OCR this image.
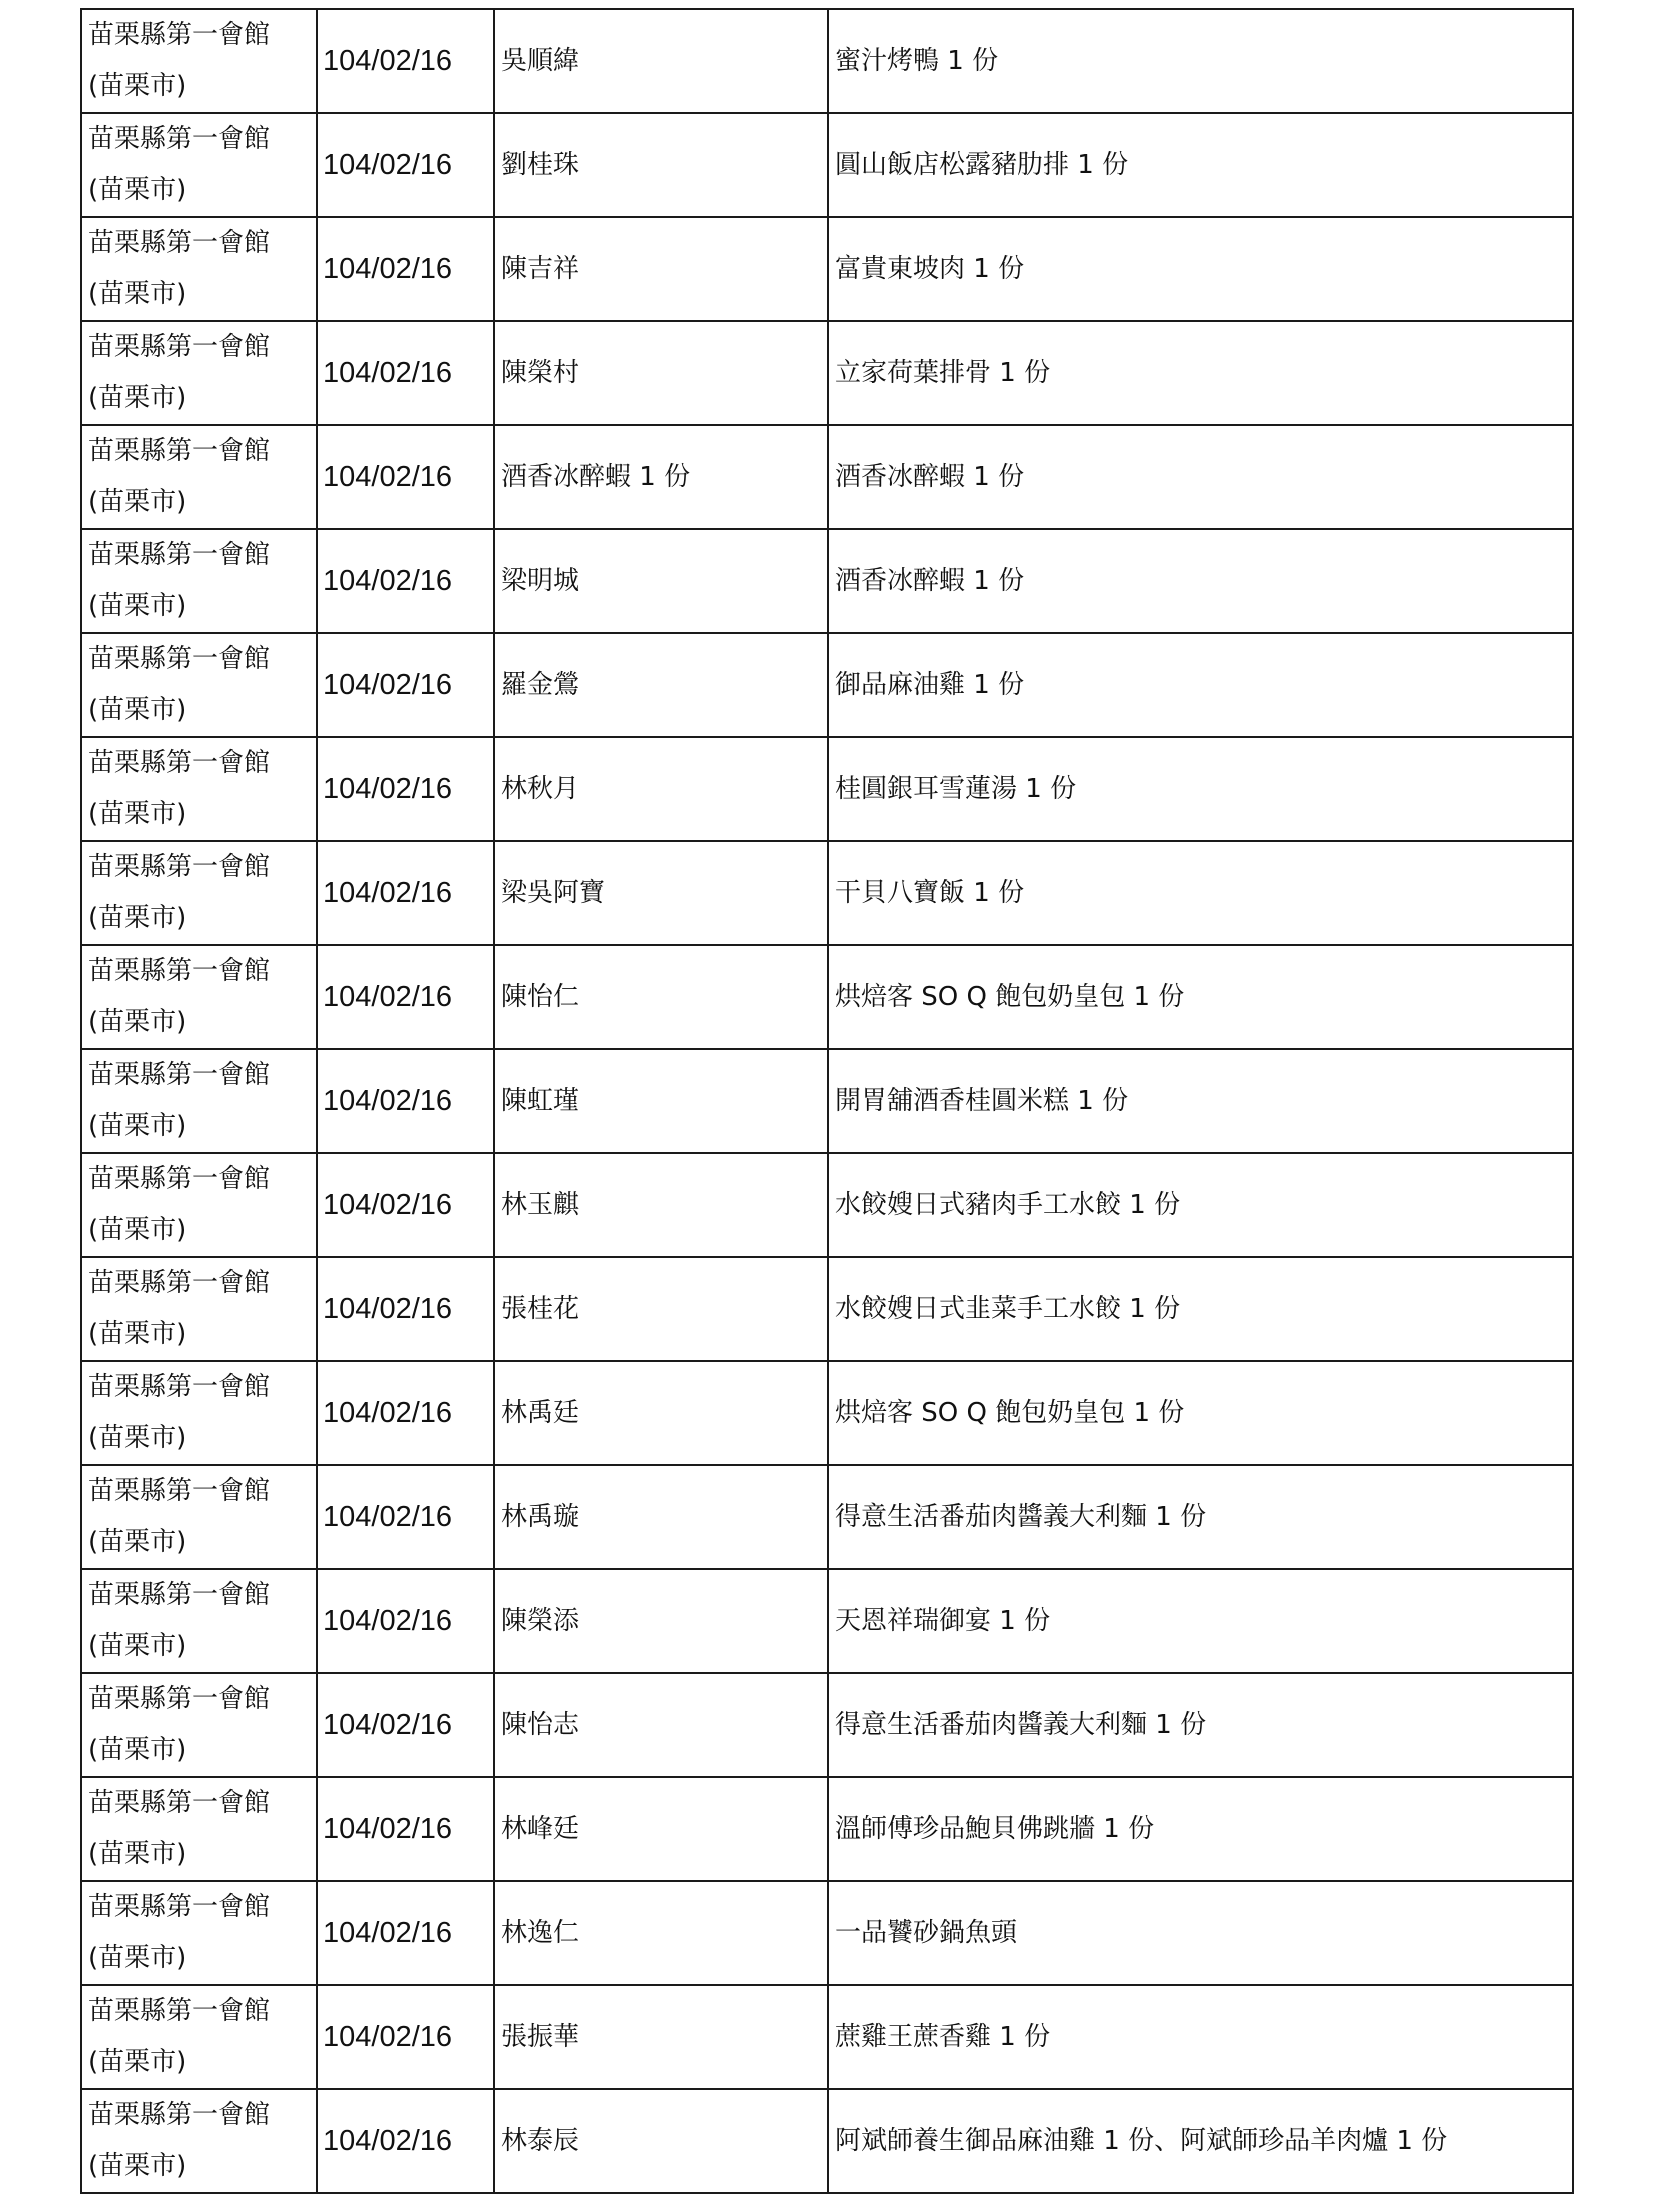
苗栗縣第一會館
(苗栗市)	104/02/16	吳順緯	蜜汁烤鴨 1 份

苗栗縣第一會館
(苗栗市)	104/02/16	劉桂珠	圓山飯店松露豬肋排 1 份

苗栗縣第一會館
(苗栗市)	104/02/16	陳吉祥	富貴東坡肉 1 份

苗栗縣第一會館
(苗栗市)	104/02/16	陳榮村	立家荷葉排骨 1 份

苗栗縣第一會館
(苗栗市)	104/02/16	酒香冰醉蝦 1 份	酒香冰醉蝦 1 份

苗栗縣第一會館
(苗栗市)	104/02/16	梁明城	酒香冰醉蝦 1 份

苗栗縣第一會館
(苗栗市)	104/02/16	羅金鶯	御品麻油雞 1 份

苗栗縣第一會館
(苗栗市)	104/02/16	林秋月	桂圓銀耳雪蓮湯 1 份

苗栗縣第一會館
(苗栗市)	104/02/16	梁吳阿寶	干貝八寶飯 1 份

苗栗縣第一會館
(苗栗市)	104/02/16	陳怡仁	烘焙客 SO Q 飽包奶皇包 1 份

苗栗縣第一會館
(苗栗市)	104/02/16	陳虹瑾	開胃舖酒香桂圓米糕 1 份

苗栗縣第一會館
(苗栗市)	104/02/16	林玉麒	水餃嫂日式豬肉手工水餃 1 份

苗栗縣第一會館
(苗栗市)	104/02/16	張桂花	水餃嫂日式韭菜手工水餃 1 份

苗栗縣第一會館
(苗栗市)	104/02/16	林禹廷	烘焙客 SO Q 飽包奶皇包 1 份

苗栗縣第一會館
(苗栗市)	104/02/16	林禹璇	得意生活番茄肉醬義大利麵 1 份

苗栗縣第一會館
(苗栗市)	104/02/16	陳榮添	天恩祥瑞御宴 1 份

苗栗縣第一會館
(苗栗市)	104/02/16	陳怡志	得意生活番茄肉醬義大利麵 1 份

苗栗縣第一會館
(苗栗市)	104/02/16	林峰廷	溫師傅珍品鮑貝佛跳牆 1 份

苗栗縣第一會館
(苗栗市)	104/02/16	林逸仁	一品饕砂鍋魚頭

苗栗縣第一會館
(苗栗市)	104/02/16	張振華	蔗雞王蔗香雞 1 份

苗栗縣第一會館
(苗栗市)	104/02/16	林泰辰	阿斌師養生御品麻油雞 1 份、阿斌師珍品羊肉爐 1 份
